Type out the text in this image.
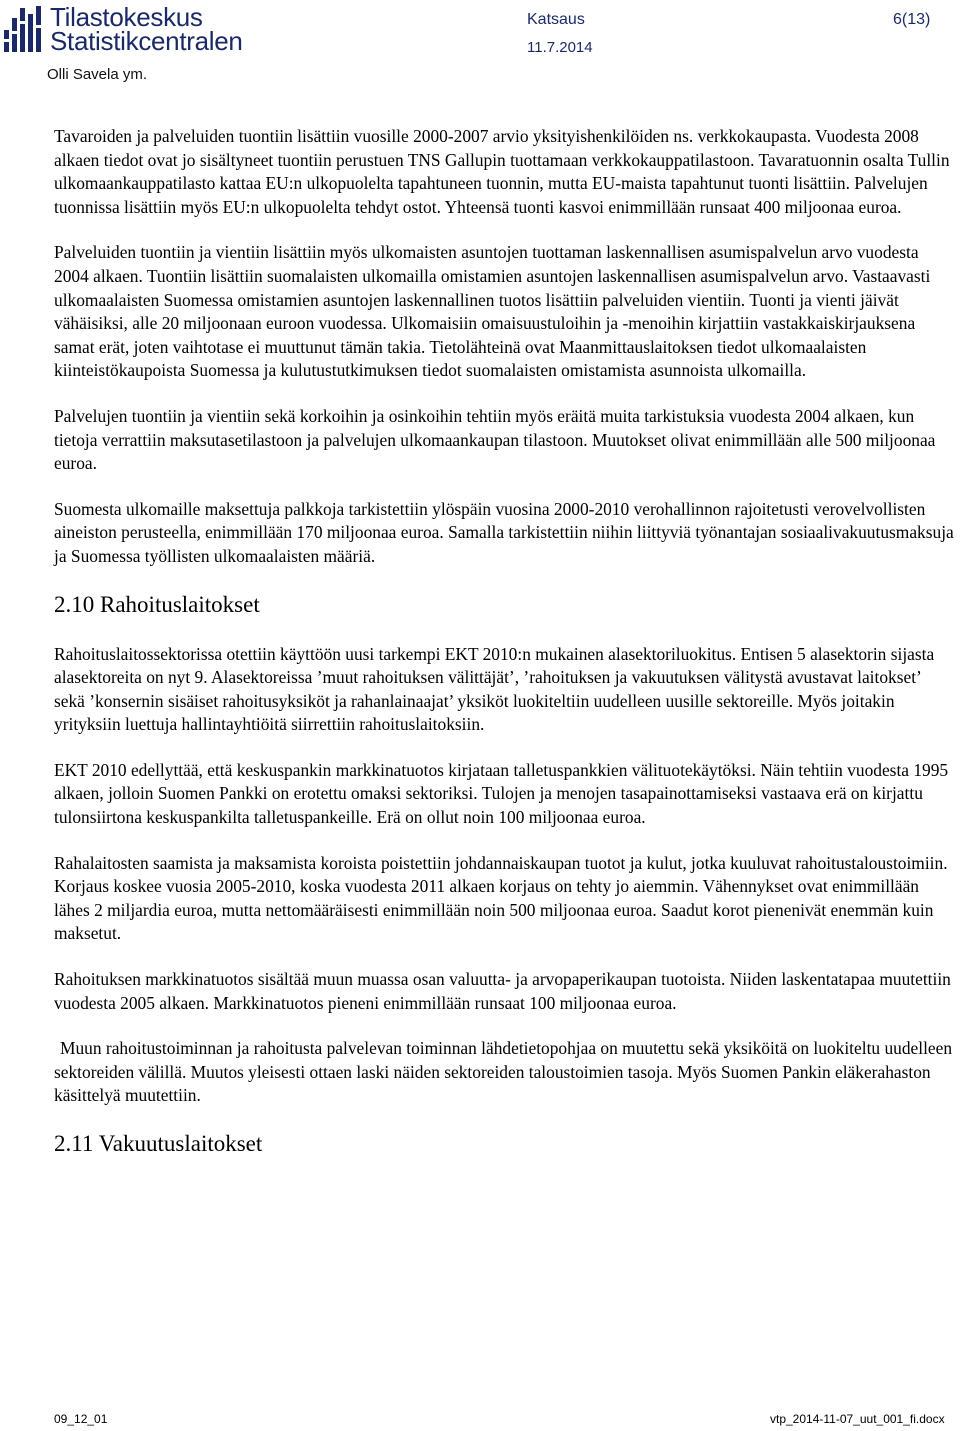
Tilastokeskus
Statistikcentralen
Olli Savela ym.
Katsaus
11.7.2014
6(13)

Tavaroiden ja palveluiden tuontiin lisättiin vuosille 2000-2007 arvio yksityishenkilöiden ns. verkkokaupasta. Vuodesta 2008 alkaen tiedot ovat jo sisältyneet tuontiin perustuen TNS Gallupin tuottamaan verkkokauppatilastoon. Tavaratuonnin osalta Tullin ulkomaankauppatilasto kattaa EU:n ulkopuolelta tapahtuneen tuonnin, mutta EU-maista tapahtunut tuonti lisättiin. Palvelujen tuonnissa lisättiin myös EU:n ulkopuolelta tehdyt ostot. Yhteensä tuonti kasvoi enimmillään runsaat 400 miljoonaa euroa.

Palveluiden tuontiin ja vientiin lisättiin myös ulkomaisten asuntojen tuottaman laskennallisen asumispalvelun arvo vuodesta 2004 alkaen. Tuontiin lisättiin suomalaisten ulkomailla omistamien asuntojen laskennallisen asumispalvelun arvo. Vastaavasti ulkomaalaisten Suomessa omistamien asuntojen laskennallinen tuotos lisättiin palveluiden vientiin. Tuonti ja vienti jäivät vähäisiksi, alle 20 miljoonaan euroon vuodessa. Ulkomaisiin omaisuustuloihin ja -menoihin kirjattiin vastakkaiskirjauksena samat erät, joten vaihtotase ei muuttunut tämän takia. Tietolähteinä ovat Maanmittauslaitoksen tiedot ulkomaalaisten kiinteistökaupoista Suomessa ja kulutustutkimuksen tiedot suomalaisten omistamista asunnoista ulkomailla.

Palvelujen tuontiin ja vientiin sekä korkoihin ja osinkoihin tehtiin myös eräitä muita tarkistuksia vuodesta 2004 alkaen, kun tietoja verrattiin maksutasetilastoon ja palvelujen ulkomaankaupan tilastoon. Muutokset olivat enimmillään alle 500 miljoonaa euroa.

Suomesta ulkomaille maksettuja palkkoja tarkistettiin ylöspäin vuosina 2000-2010 verohallinnon rajoitetusti verovelvollisten aineiston perusteella, enimmillään 170 miljoonaa euroa. Samalla tarkistettiin niihin liittyviä työnantajan sosiaalivakuutusmaksuja ja Suomessa työllisten ulkomaalaisten määriä.

2.10 Rahoituslaitokset

Rahoituslaitossektorissa otettiin käyttöön uusi tarkempi EKT 2010:n mukainen alasektoriluokitus. Entisen 5 alasektorin sijasta alasektoreita on nyt 9. Alasektoreissa ’muut rahoituksen välittäjät’, ’rahoituksen ja vakuutuksen välitystä avustavat laitokset’ sekä ’konsernin sisäiset rahoitusyksiköt ja rahanlainaajat’ yksiköt luokiteltiin uudelleen uusille sektoreille. Myös joitakin yrityksiin luettuja hallintayhtiöitä siirrettiin rahoituslaitoksiin.

EKT 2010 edellyttää, että keskuspankin markkinatuotos kirjataan talletuspankkien välituotekäytöksi. Näin tehtiin vuodesta 1995 alkaen, jolloin Suomen Pankki on erotettu omaksi sektoriksi. Tulojen ja menojen tasapainottamiseksi vastaava erä on kirjattu tulonsiirtona keskuspankilta talletuspankeille. Erä on ollut noin 100 miljoonaa euroa.

Rahalaitosten saamista ja maksamista koroista poistettiin johdannaiskaupan tuotot ja kulut, jotka kuuluvat rahoitustaloustoimiin. Korjaus koskee vuosia 2005-2010, koska vuodesta 2011 alkaen korjaus on tehty jo aiemmin. Vähennykset ovat enimmillään lähes 2 miljardia euroa, mutta nettomääräisesti enimmillään noin 500 miljoonaa euroa. Saadut korot pienenivät enemmän kuin maksetut.

Rahoituksen markkinatuotos sisältää muun muassa osan valuutta- ja arvopaperikaupan tuotoista. Niiden laskentatapaa muutettiin vuodesta 2005 alkaen. Markkinatuotos pieneni enimmillään runsaat 100 miljoonaa euroa.

Muun rahoitustoiminnan ja rahoitusta palvelevan toiminnan lähdetietopohjaa on muutettu sekä yksiköitä on luokiteltu uudelleen sektoreiden välillä. Muutos yleisesti ottaen laski näiden sektoreiden taloustoimien tasoja. Myös Suomen Pankin eläkerahaston käsittelyä muutettiin.

2.11 Vakuutuslaitokset
09_12_01	vtp_2014-11-07_uut_001_fi.docx
